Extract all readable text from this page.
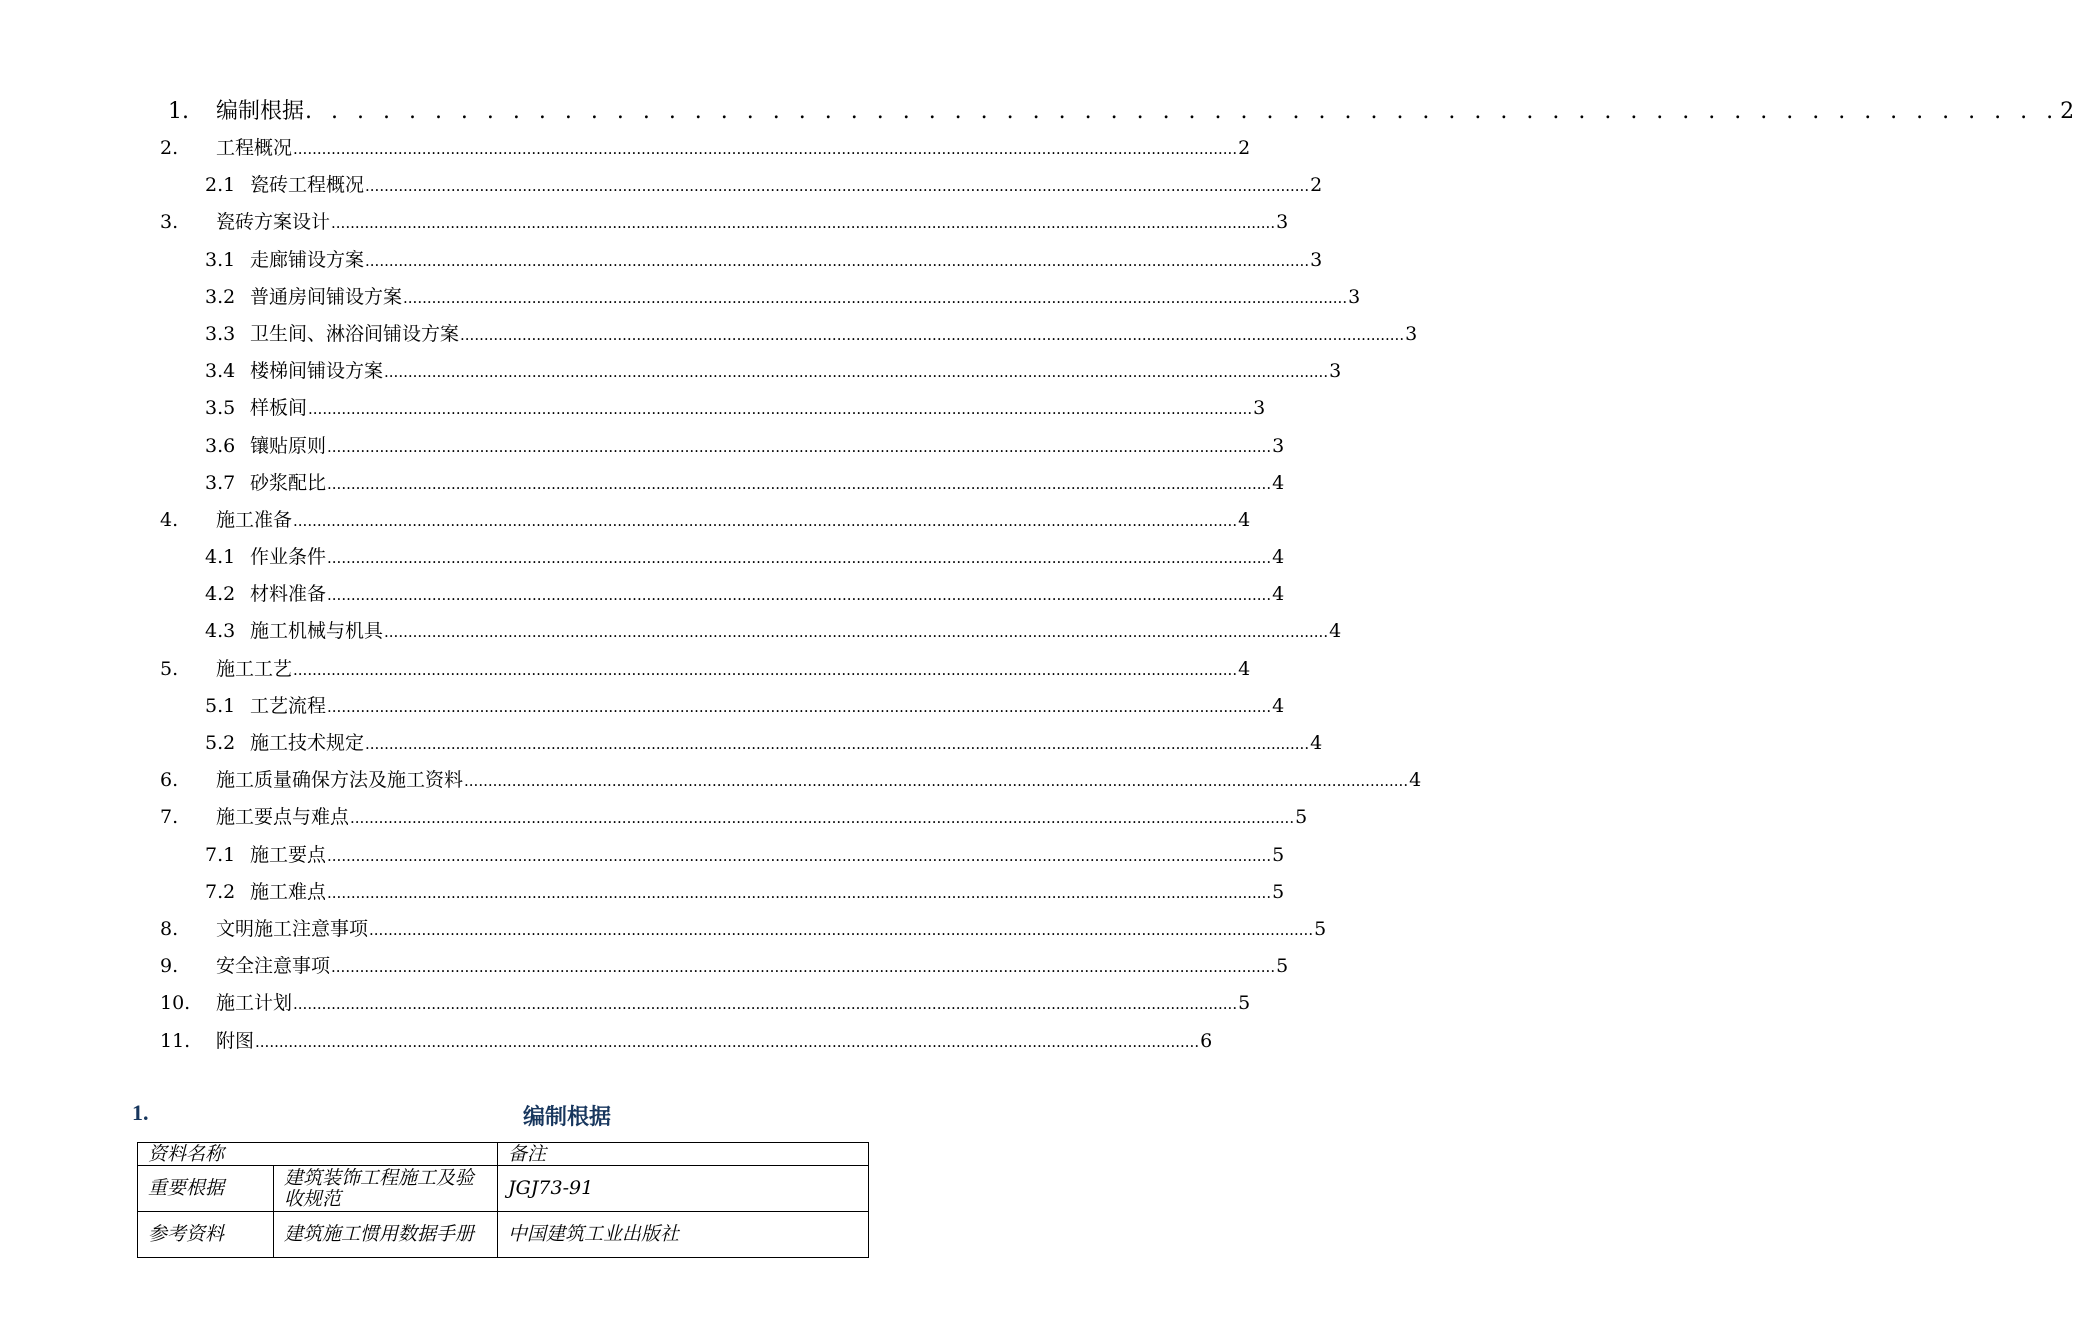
1.	编制根据 . . . . . . . . . . . . . . . . . . . . . . . . . . . . . . . . . . . . . . . . . . . . . . . . . . . . . . . . . . . . . . . . . . . . 2
2.	工程概况 ...................................................................................................................................................................................................... 2
2.1 瓷砖工程概况 ...................................................................................................................................................................................................... 2
3.	瓷砖方案设计 ...................................................................................................................................................................................................... 3
3.1 走廊铺设方案 ...................................................................................................................................................................................................... 3
3.2 普通房间铺设方案 ...................................................................................................................................................................................................... 3
3.3 卫生间、淋浴间铺设方案 ...................................................................................................................................................................................................... 3
3.4 楼梯间铺设方案 ...................................................................................................................................................................................................... 3
3.5 样板间 ...................................................................................................................................................................................................... 3
3.6 镶贴原则 ...................................................................................................................................................................................................... 3
3.7 砂浆配比 ...................................................................................................................................................................................................... 4
4.	施工准备 ...................................................................................................................................................................................................... 4
4.1 作业条件 ...................................................................................................................................................................................................... 4
4.2 材料准备 ...................................................................................................................................................................................................... 4
4.3 施工机械与机具 ...................................................................................................................................................................................................... 4
5.	施工工艺 ...................................................................................................................................................................................................... 4
5.1 工艺流程 ...................................................................................................................................................................................................... 4
5.2 施工技术规定 ...................................................................................................................................................................................................... 4
6.	施工质量确保方法及施工资料 ...................................................................................................................................................................................................... 4
7.	施工要点与难点 ...................................................................................................................................................................................................... 5
7.1 施工要点 ...................................................................................................................................................................................................... 5
7.2 施工难点 ...................................................................................................................................................................................................... 5
8.	文明施工注意事项 ...................................................................................................................................................................................................... 5
9.	安全注意事项 ...................................................................................................................................................................................................... 5
10.	施工计划 ...................................................................................................................................................................................................... 5
11.	附图 ...................................................................................................................................................................................................... 6
1.	编制根据
资料名称		备注
重要根据	建筑装饰工程施工及验收规范	JGJ73-91
参考资料	建筑施工惯用数据手册	中国建筑工业出版社
